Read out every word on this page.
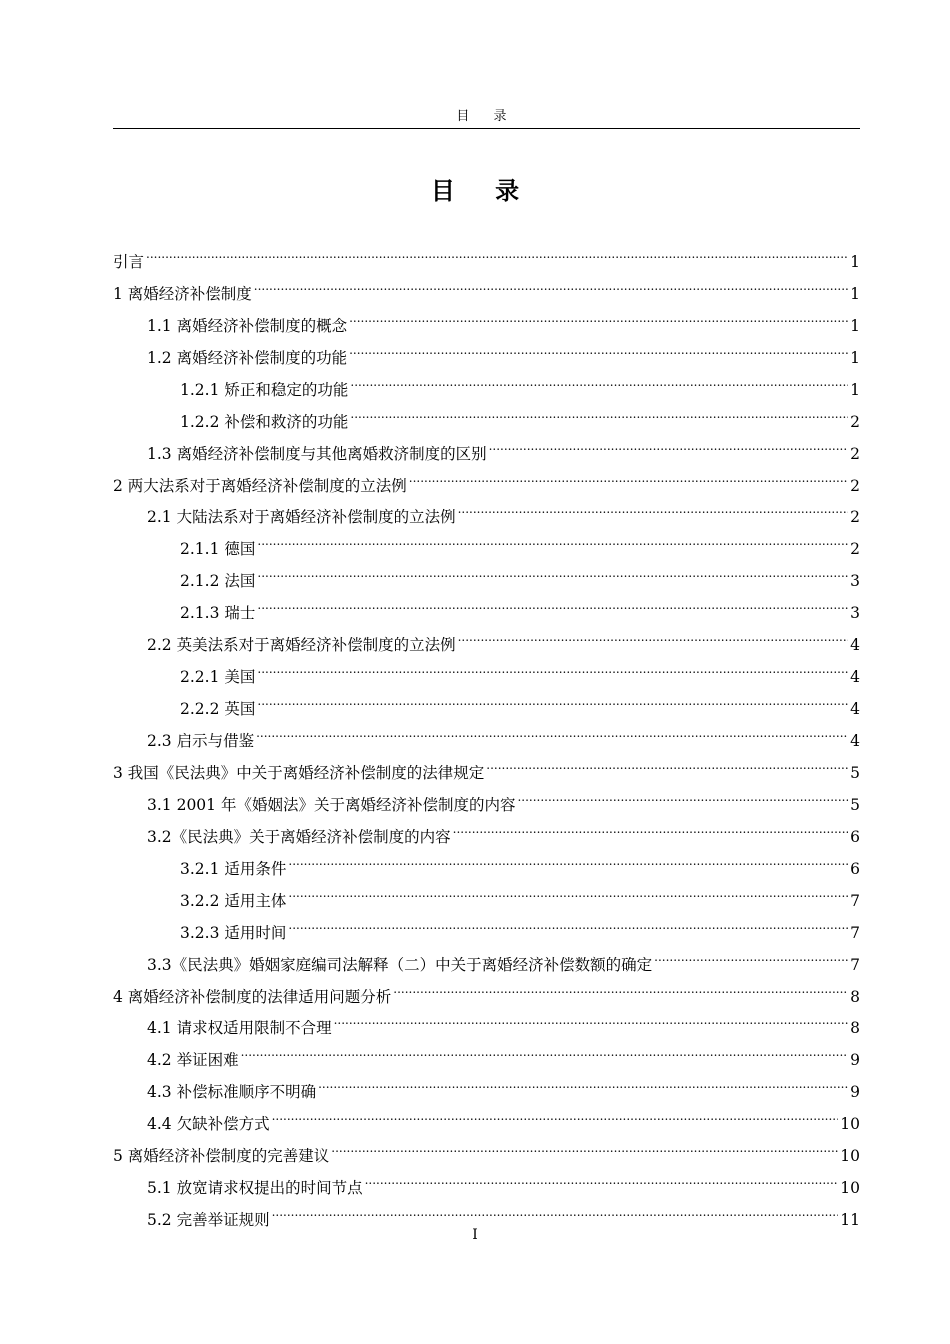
目 录
目 录
引言 .....	1
1 离婚经济补偿制度 .....	1
1.1 离婚经济补偿制度的概念 .....	1
1.2 离婚经济补偿制度的功能 .....	1
1.2.1 矫正和稳定的功能 .....	1
1.2.2 补偿和救济的功能 .....	2
1.3 离婚经济补偿制度与其他离婚救济制度的区别 .....	2
2 两大法系对于离婚经济补偿制度的立法例 .....	2
2.1 大陆法系对于离婚经济补偿制度的立法例 .....	2
2.1.1 德国 .....	2
2.1.2 法国 .....	3
2.1.3 瑞士 .....	3
2.2 英美法系对于离婚经济补偿制度的立法例 .....	4
2.2.1 美国 .....	4
2.2.2 英国 .....	4
2.3 启示与借鉴 .....	4
3 我国《民法典》中关于离婚经济补偿制度的法律规定 .....	5
3.1 2001 年《婚姻法》关于离婚经济补偿制度的内容 .....	5
3.2《民法典》关于离婚经济补偿制度的内容 .....	6
3.2.1 适用条件 .....	6
3.2.2 适用主体 .....	7
3.2.3 适用时间 .....	7
3.3《民法典》婚姻家庭编司法解释（二）中关于离婚经济补偿数额的确定 .....	7
4 离婚经济补偿制度的法律适用问题分析 .....	8
4.1 请求权适用限制不合理 .....	8
4.2 举证困难 .....	9
4.3 补偿标准顺序不明确 .....	9
4.4 欠缺补偿方式 .....	10
5 离婚经济补偿制度的完善建议 .....	10
5.1 放宽请求权提出的时间节点 .....	10
5.2 完善举证规则 .....	11
I
